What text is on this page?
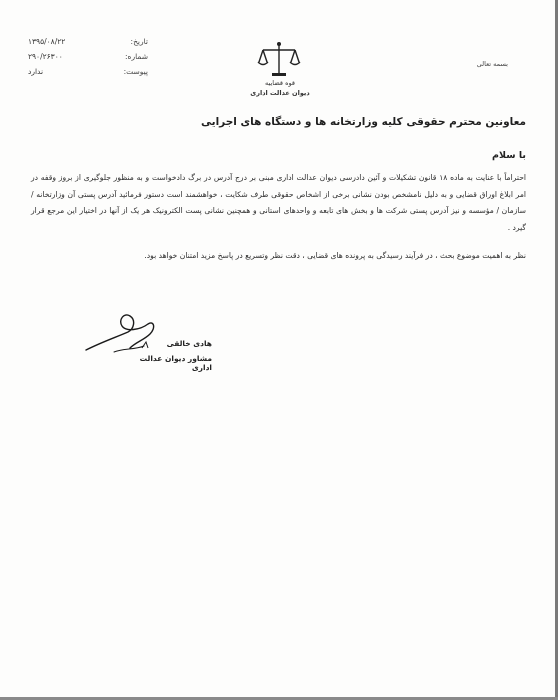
۱۳۹۵/۰۸/۲۲	تاریخ:
۲۹۰/۲۶۳۰۰	شماره:
ندارد	پیوست:
قوه قضاییه
دیوان عدالت اداری
بسمه تعالی
معاونین محترم حقوقی کلیه وزارتخانه ها و دستگاه های اجرایی
با سلام

احتراماً با عنایت به ماده ۱۸ قانون تشکیلات و آئین دادرسی دیوان عدالت اداری مبنی بر درج آدرس در برگ دادخواست و به منظور جلوگیری از بروز وقفه در امر ابلاغ اوراق قضایی و به دلیل نامشخص بودن نشانی برخی از اشخاص حقوقی طرف شکایت ، خواهشمند است دستور فرمائید آدرس پستی آن وزارتخانه / سازمان / مؤسسه و نیز آدرس پستی شرکت ها و بخش های تابعه و واحدهای استانی و همچنین نشانی پست الکترونیک هر یک از آنها در اختیار این مرجع قرار گیرد .

نظر به اهمیت موضوع بحث ، در فرآیند رسیدگی به پرونده های قضایی ، دقت نظر وتسریع در پاسخ مزید امتنان خواهد بود.
هادی خالقی
مشاور دیوان عدالت اداری
